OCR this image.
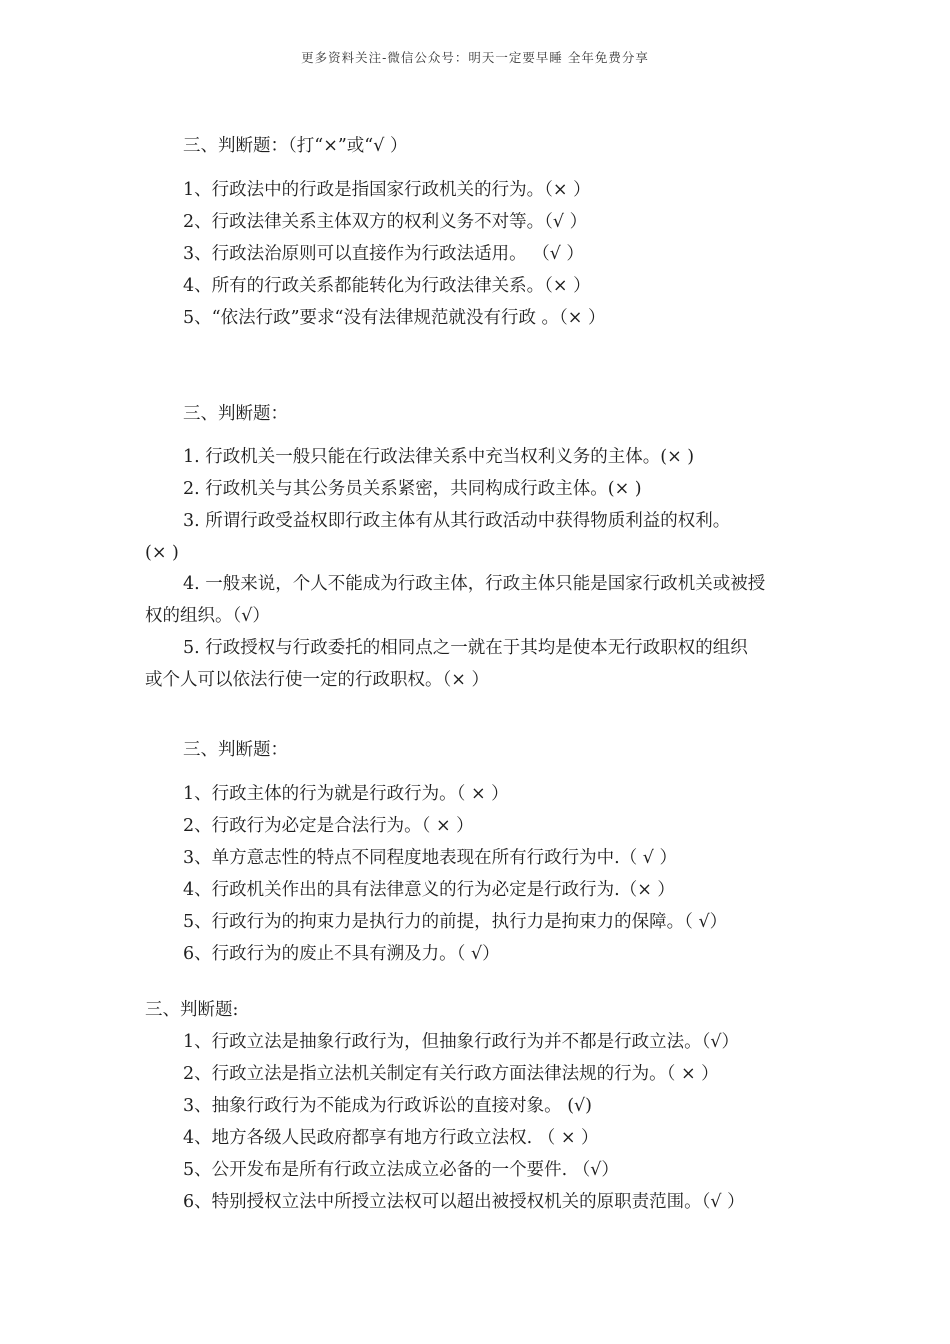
更多资料关注-微信公众号：明天一定要早睡 全年免费分享
三、判断题：（打“×”或“√ ）
1、行政法中的行政是指国家行政机关的行为。（× ）
2、行政法律关系主体双方的权利义务不对等。（√ ）
3、行政法治原则可以直接作为行政法适用。 （√ ）
4、所有的行政关系都能转化为行政法律关系。（× ）
5、“依法行政”要求“没有法律规范就没有行政 。（× ）
三、判断题：
1. 行政机关一般只能在行政法律关系中充当权利义务的主体。(× )
2. 行政机关与其公务员关系紧密，共同构成行政主体。(× )
3. 所谓行政受益权即行政主体有从其行政活动中获得物质利益的权利。
(× )
4. 一般来说，个人不能成为行政主体，行政主体只能是国家行政机关或被授
权的组织。（√）
5. 行政授权与行政委托的相同点之一就在于其均是使本无行政职权的组织
或个人可以依法行使一定的行政职权。（× ）
三、判断题：
1、行政主体的行为就是行政行为。（ × ）
2、行政行为必定是合法行为。（ × ）
3、单方意志性的特点不同程度地表现在所有行政行为中.（ √ ）
4、行政机关作出的具有法律意义的行为必定是行政行为.（× ）
5、行政行为的拘束力是执行力的前提，执行力是拘束力的保障。（ √）
6、行政行为的废止不具有溯及力。（ √）
三、判断题:
1、行政立法是抽象行政行为，但抽象行政行为并不都是行政立法。（√）
2、行政立法是指立法机关制定有关行政方面法律法规的行为。（ × ）
3、抽象行政行为不能成为行政诉讼的直接对象。 (√)
4、地方各级人民政府都享有地方行政立法权. （ × ）
5、公开发布是所有行政立法成立必备的一个要件. （√）
6、特别授权立法中所授立法权可以超出被授权机关的原职责范围。（√ ）
